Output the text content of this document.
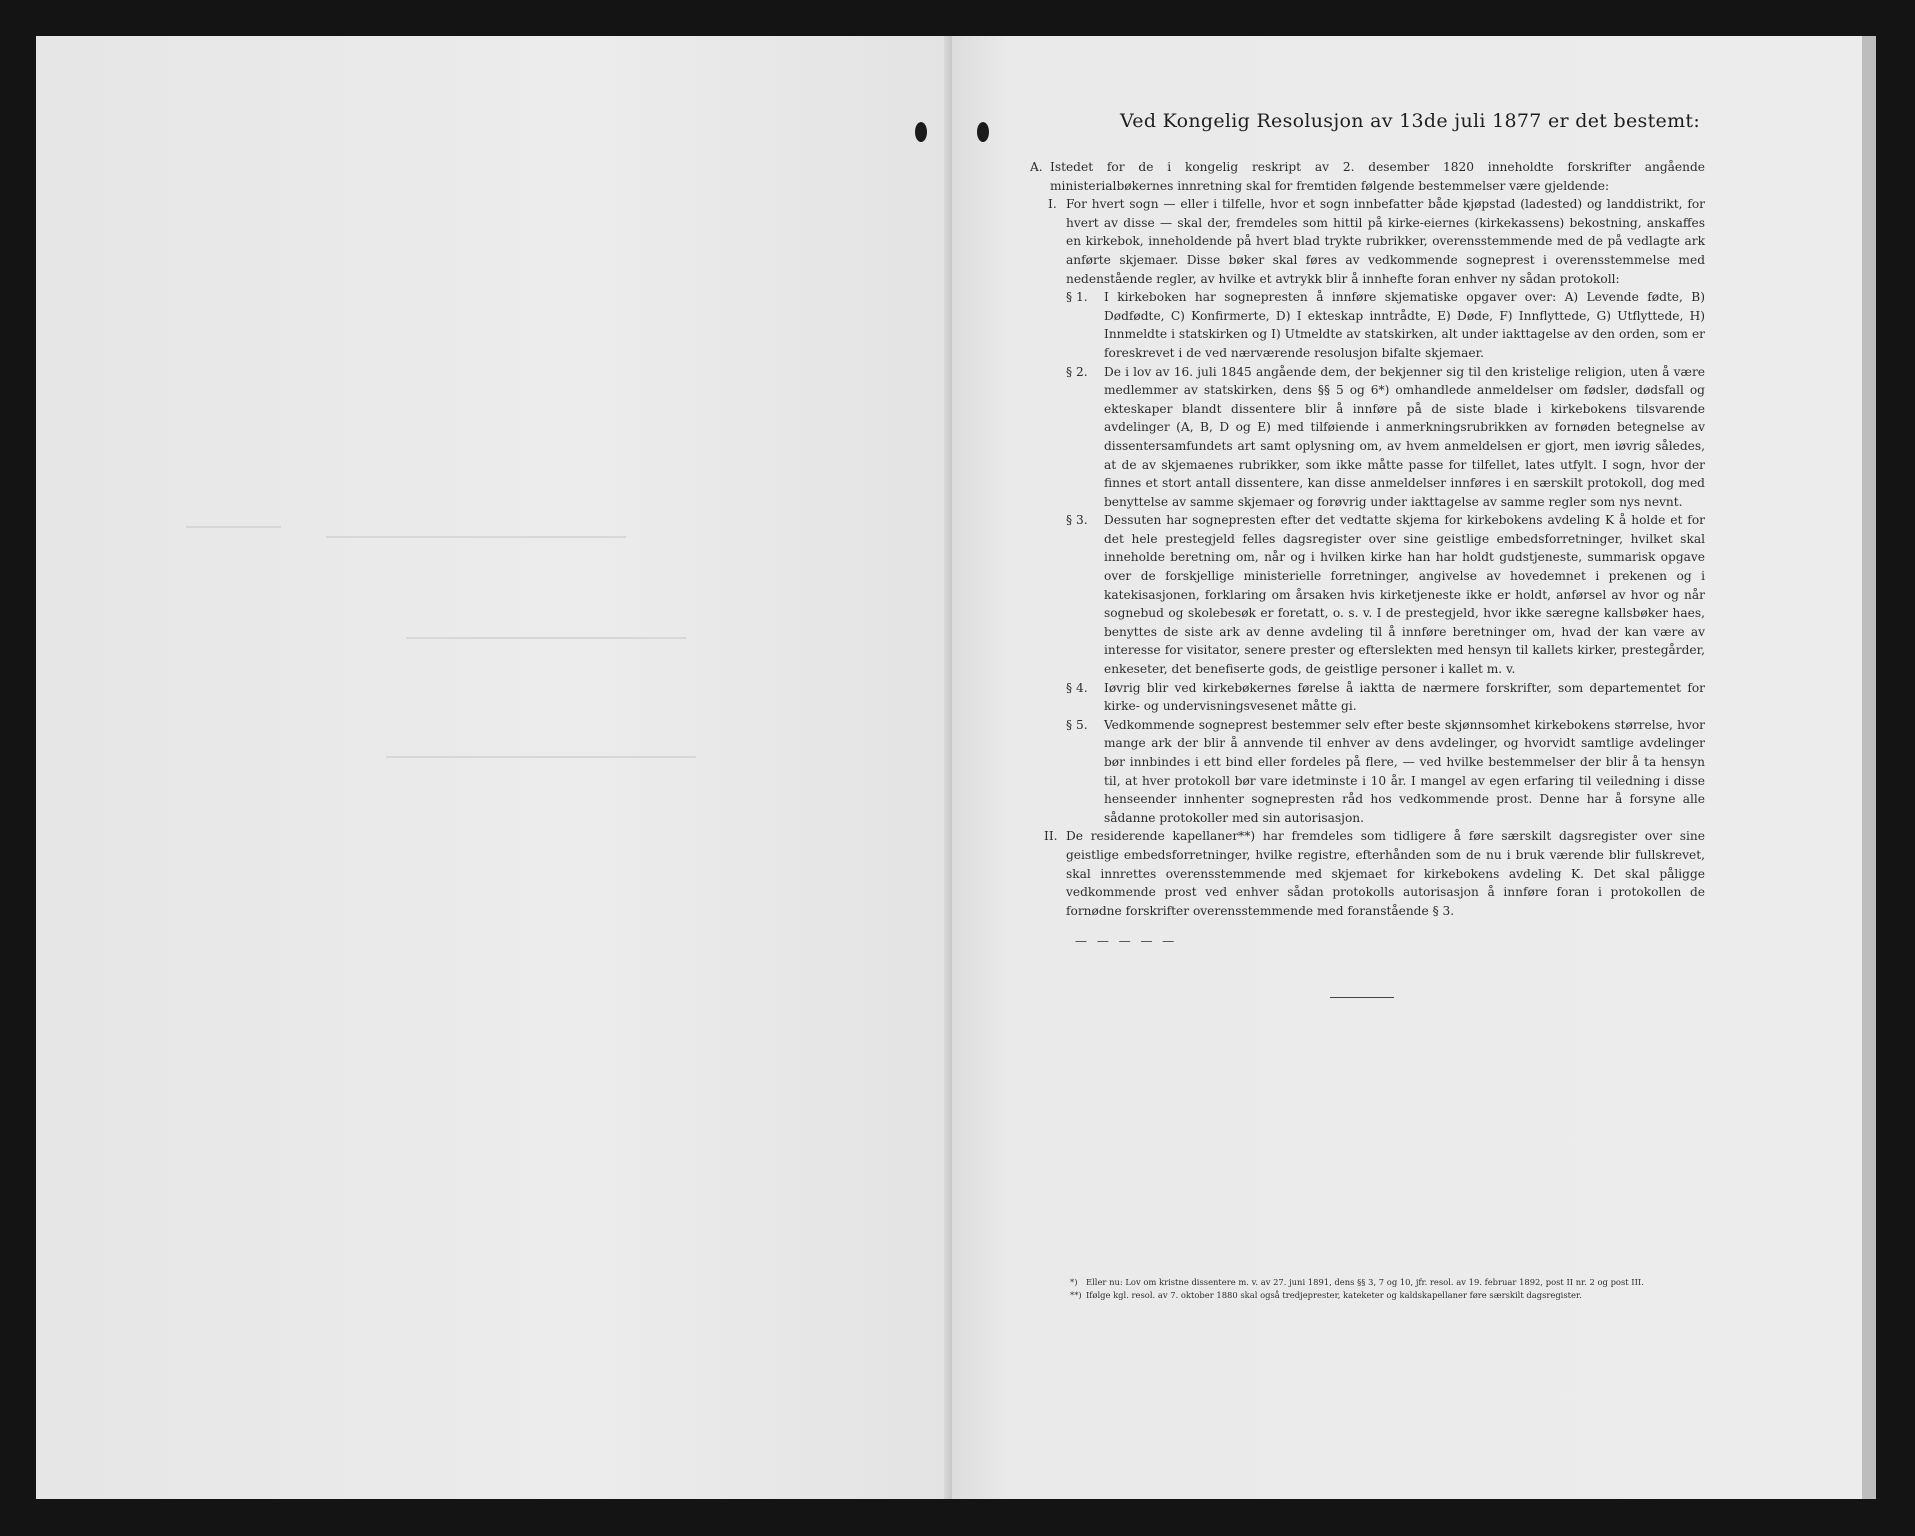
Ved Kongelig Resolusjon av 13de juli 1877 er det bestemt:
A. Istedet for de i kongelig reskript av 2. desember 1820 inneholdte forskrifter angående ministerialbøkernes innretning skal for fremtiden følgende bestemmelser være gjeldende:

I. For hvert sogn — eller i tilfelle, hvor et sogn innbefatter både kjøpstad (ladested) og landdistrikt, for hvert av disse — skal der, fremdeles som hittil på kirke-eiernes (kirkekassens) bekostning, anskaffes en kirkebok, inneholdende på hvert blad trykte rubrikker, overensstemmende med de på vedlagte ark anførte skjemaer. Disse bøker skal føres av vedkommende sogneprest i overensstemmelse med nedenstående regler, av hvilke et avtrykk blir å innhefte foran enhver ny sådan protokoll:

§ 1.	I kirkeboken har sognepresten å innføre skjematiske opgaver over: A) Levende fødte, B) Dødfødte, C) Konfirmerte, D) I ekteskap inntrådte, E) Døde, F) Innflyttede, G) Utflyttede, H) Innmeldte i statskirken og I) Utmeldte av statskirken, alt under iakttagelse av den orden, som er foreskrevet i de ved nærværende resolusjon bifalte skjemaer.

§ 2.	De i lov av 16. juli 1845 angående dem, der bekjenner sig til den kristelige religion, uten å være medlemmer av statskirken, dens §§ 5 og 6*) omhandlede anmeldelser om fødsler, dødsfall og ekteskaper blandt dissentere blir å innføre på de siste blade i kirkebokens tilsvarende avdelinger (A, B, D og E) med tilføiende i anmerkningsrubrikken av fornøden betegnelse av dissentersamfundets art samt oplysning om, av hvem anmeldelsen er gjort, men iøvrig således, at de av skjemaenes rubrikker, som ikke måtte passe for tilfellet, lates utfylt. I sogn, hvor der finnes et stort antall dissentere, kan disse anmeldelser innføres i en særskilt protokoll, dog med benyttelse av samme skjemaer og forøvrig under iakttagelse av samme regler som nys nevnt.

§ 3.	Dessuten har sognepresten efter det vedtatte skjema for kirkebokens avdeling K å holde et for det hele prestegjeld felles dagsregister over sine geistlige embedsforretninger, hvilket skal inneholde beretning om, når og i hvilken kirke han har holdt gudstjeneste, summarisk opgave over de forskjellige ministerielle forretninger, angivelse av hovedemnet i prekenen og i katekisasjonen, forklaring om årsaken hvis kirketjeneste ikke er holdt, anførsel av hvor og når sognebud og skolebesøk er foretatt, o. s. v. I de prestegjeld, hvor ikke særegne kallsbøker haes, benyttes de siste ark av denne avdeling til å innføre beretninger om, hvad der kan være av interesse for visitator, senere prester og efterslekten med hensyn til kallets kirker, prestegårder, enkeseter, det benefiserte gods, de geistlige personer i kallet m. v.

§ 4.	Iøvrig blir ved kirkebøkernes førelse å iaktta de nærmere forskrifter, som departementet for kirke- og undervisningsvesenet måtte gi.

§ 5.	Vedkommende sogneprest bestemmer selv efter beste skjønnsomhet kirkebokens størrelse, hvor mange ark der blir å annvende til enhver av dens avdelinger, og hvorvidt samtlige avdelinger bør innbindes i ett bind eller fordeles på flere, — ved hvilke bestemmelser der blir å ta hensyn til, at hver protokoll bør vare idetminste i 10 år. I mangel av egen erfaring til veiledning i disse henseender innhenter sognepresten råd hos vedkommende prost. Denne har å forsyne alle sådanne protokoller med sin autorisasjon.

II. De residerende kapellaner**) har fremdeles som tidligere å føre særskilt dagsregister over sine geistlige embedsforretninger, hvilke registre, efterhånden som de nu i bruk værende blir fullskrevet, skal innrettes overensstemmende med skjemaet for kirkebokens avdeling K. Det skal påligge vedkommende prost ved enhver sådan protokolls autorisasjon å innføre foran i protokollen de fornødne forskrifter overensstemmende med foranstående § 3.

— — — — —
*)	Eller nu: Lov om kristne dissentere m. v. av 27. juni 1891, dens §§ 3, 7 og 10, jfr. resol. av 19. februar 1892, post II nr. 2 og post III.

**) Ifølge kgl. resol. av 7. oktober 1880 skal også tredjeprester, kateketer og kaldskapellaner føre særskilt dagsregister.
